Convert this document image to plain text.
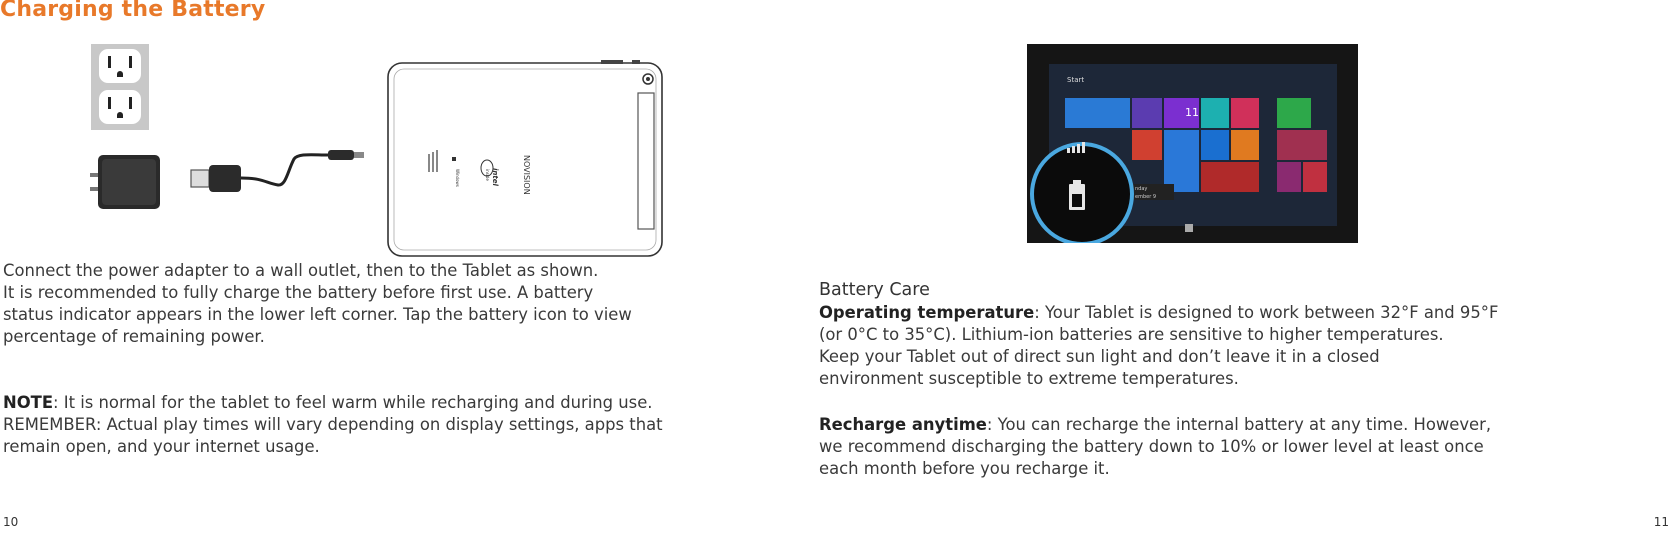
Charging the Battery
NOVISION
intel
inside
Windows
Connect the power adapter to a wall outlet, then to the Tablet as shown.
It is recommended to fully charge the battery before first use. A battery
status indicator appears in the lower left corner. Tap the battery icon to view
percentage of remaining power.
NOTE: It is normal for the tablet to feel warm while recharging and during use.
REMEMBER: Actual play times will vary depending on display settings, apps that
remain open, and your internet usage.
10
Start
11
nday
ember 9
Battery Care
Operating temperature: Your Tablet is designed to work between 32°F and 95°F
(or 0°C to 35°C). Lithium-ion batteries are sensitive to higher temperatures.
Keep your Tablet out of direct sun light and don’t leave it in a closed
environment susceptible to extreme temperatures.
Recharge anytime: You can recharge the internal battery at any time. However,
we recommend discharging the battery down to 10% or lower level at least once
each month before you recharge it.
11
